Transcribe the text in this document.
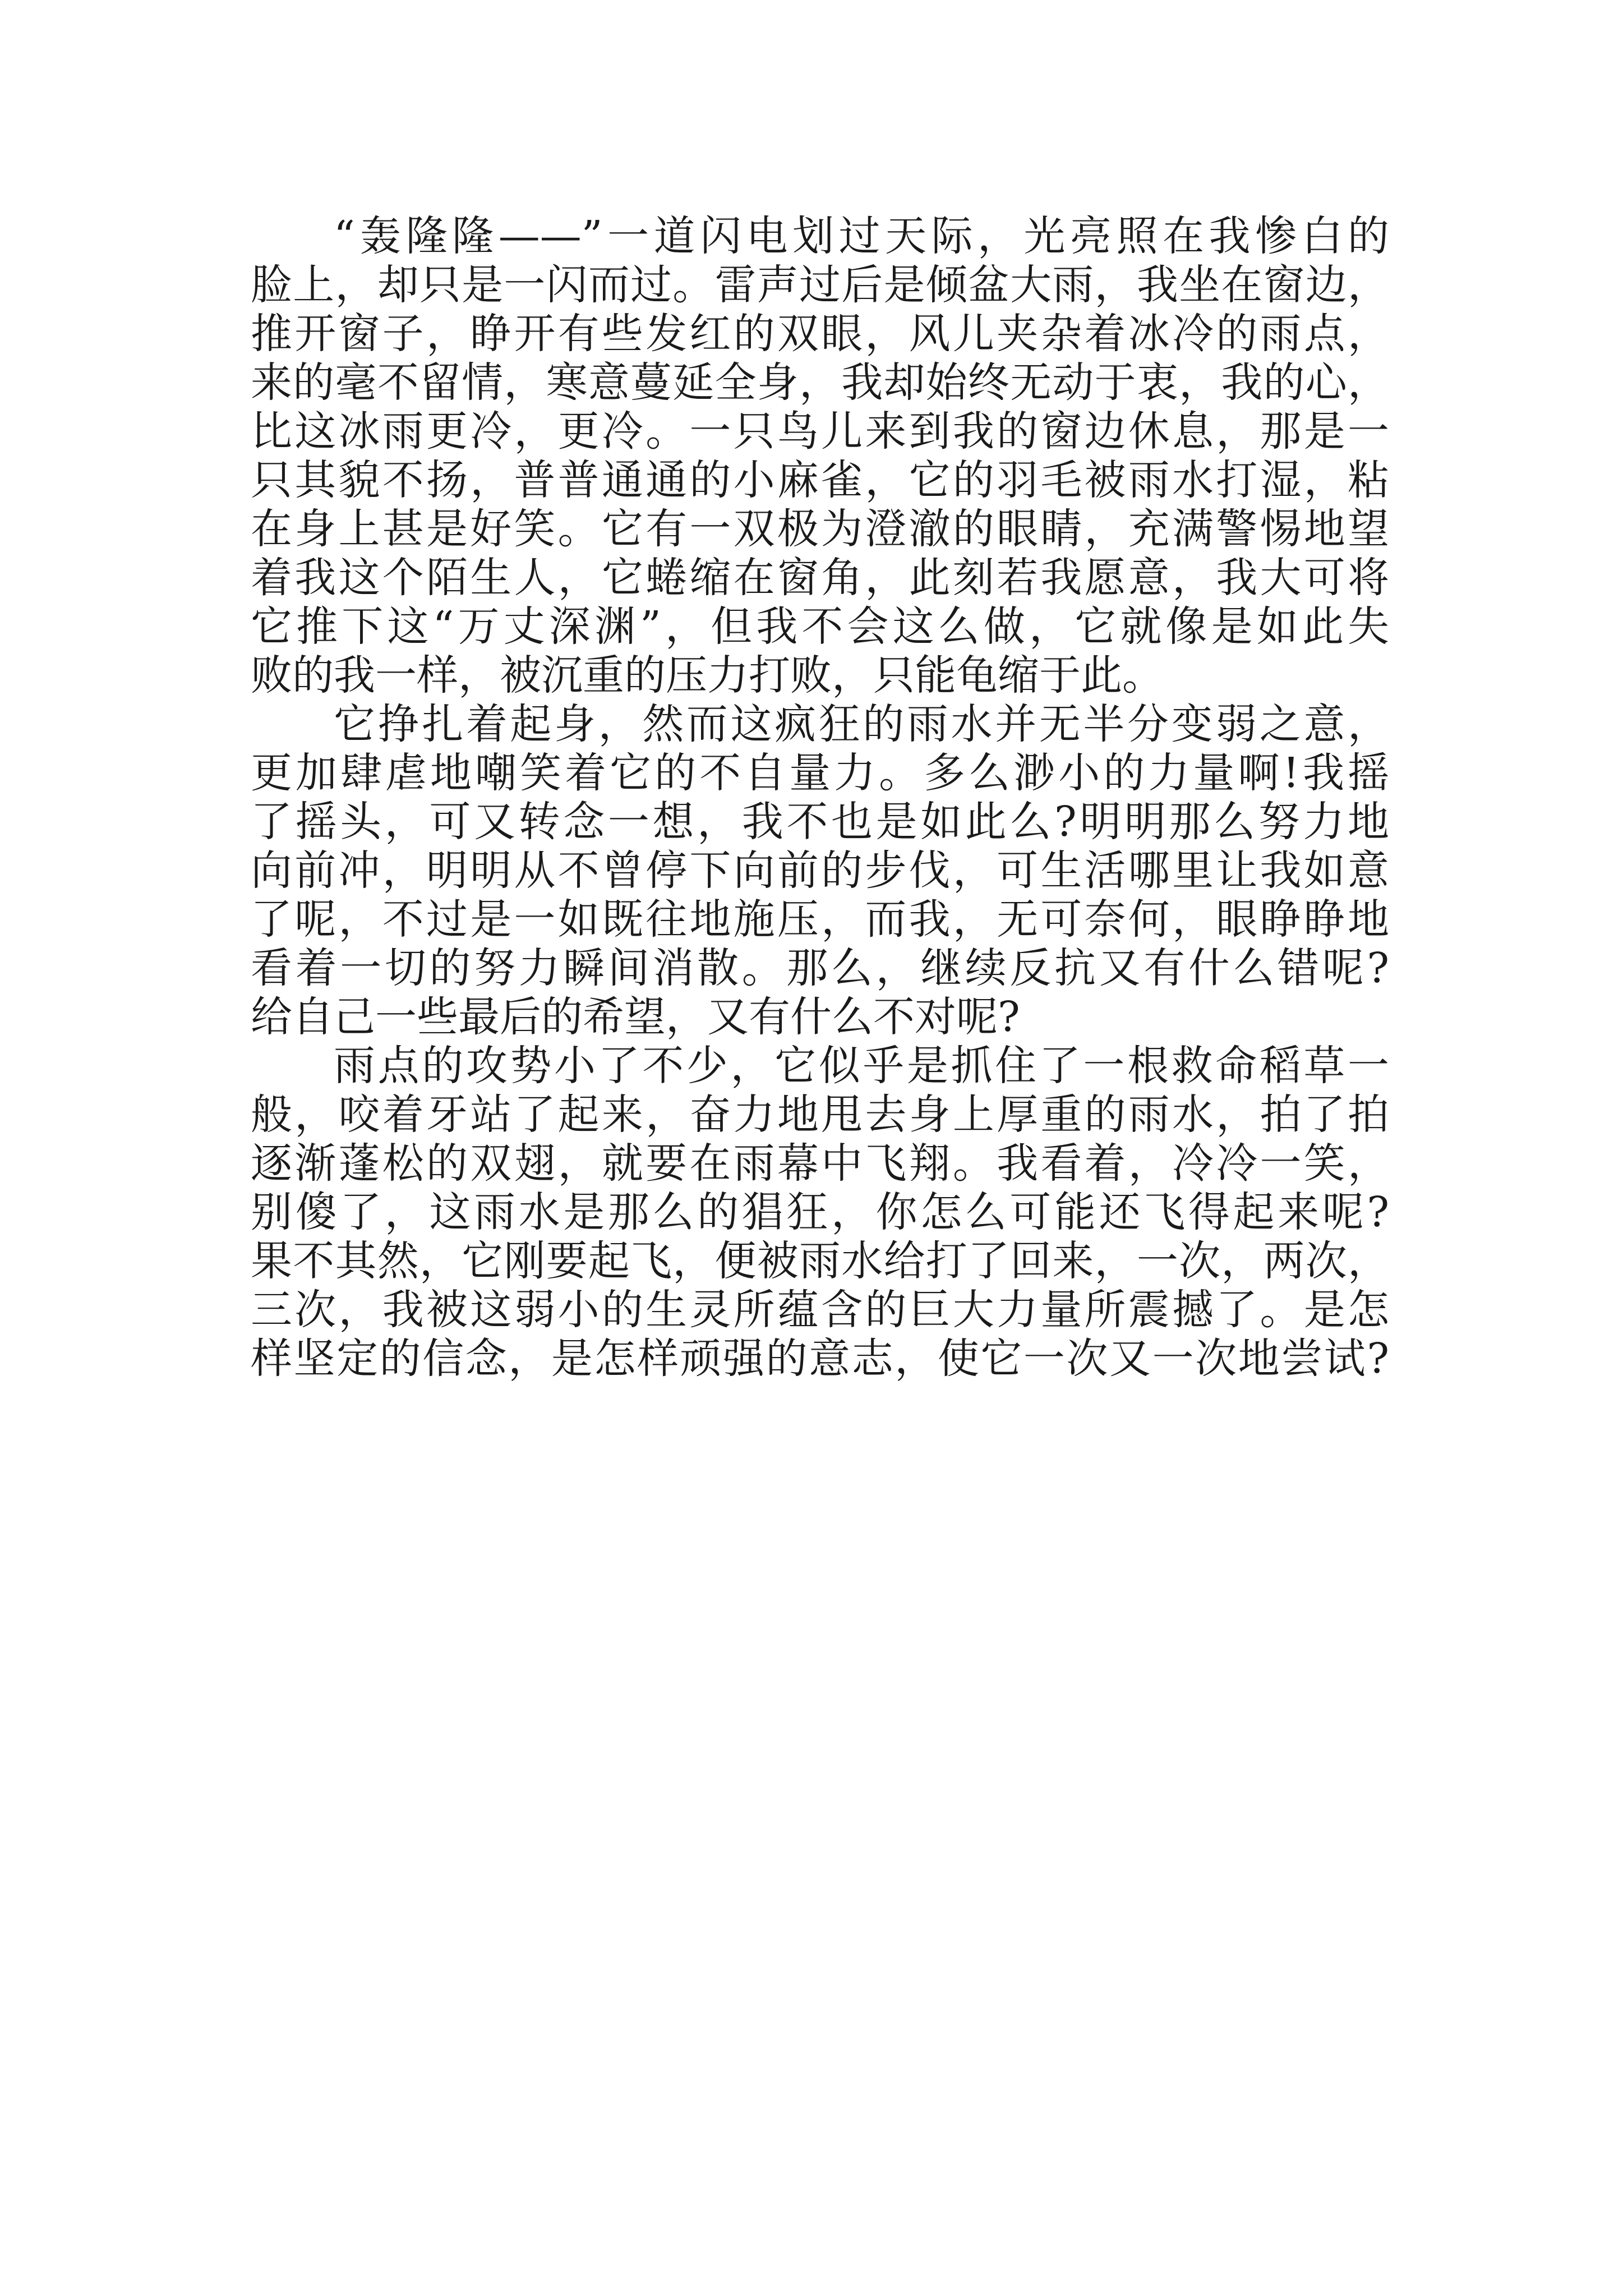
“轰隆隆——”一道闪电划过天际，光亮照在我惨白的
脸上，却只是一闪而过。雷声过后是倾盆大雨，我坐在窗边，
推开窗子，睁开有些发红的双眼，风儿夹杂着冰冷的雨点，
来的毫不留情，寒意蔓延全身，我却始终无动于衷，我的心，
比这冰雨更冷，更冷。一只鸟儿来到我的窗边休息，那是一
只其貌不扬，普普通通的小麻雀，它的羽毛被雨水打湿，粘
在身上甚是好笑。它有一双极为澄澈的眼睛，充满警惕地望
着我这个陌生人，它蜷缩在窗角，此刻若我愿意，我大可将
它推下这“万丈深渊”，但我不会这么做，它就像是如此失
败的我一样，被沉重的压力打败，只能龟缩于此。
它挣扎着起身，然而这疯狂的雨水并无半分变弱之意，
更加肆虐地嘲笑着它的不自量力。多么渺小的力量啊!我摇
了摇头，可又转念一想，我不也是如此么?明明那么努力地
向前冲，明明从不曾停下向前的步伐，可生活哪里让我如意
了呢，不过是一如既往地施压，而我，无可奈何，眼睁睁地
看着一切的努力瞬间消散。那么，继续反抗又有什么错呢?
给自己一些最后的希望，又有什么不对呢?
雨点的攻势小了不少，它似乎是抓住了一根救命稻草一
般，咬着牙站了起来，奋力地甩去身上厚重的雨水，拍了拍
逐渐蓬松的双翅，就要在雨幕中飞翔。我看着，冷冷一笑，
别傻了，这雨水是那么的猖狂，你怎么可能还飞得起来呢?
果不其然，它刚要起飞，便被雨水给打了回来，一次，两次，
三次，我被这弱小的生灵所蕴含的巨大力量所震撼了。是怎
样坚定的信念，是怎样顽强的意志，使它一次又一次地尝试?
